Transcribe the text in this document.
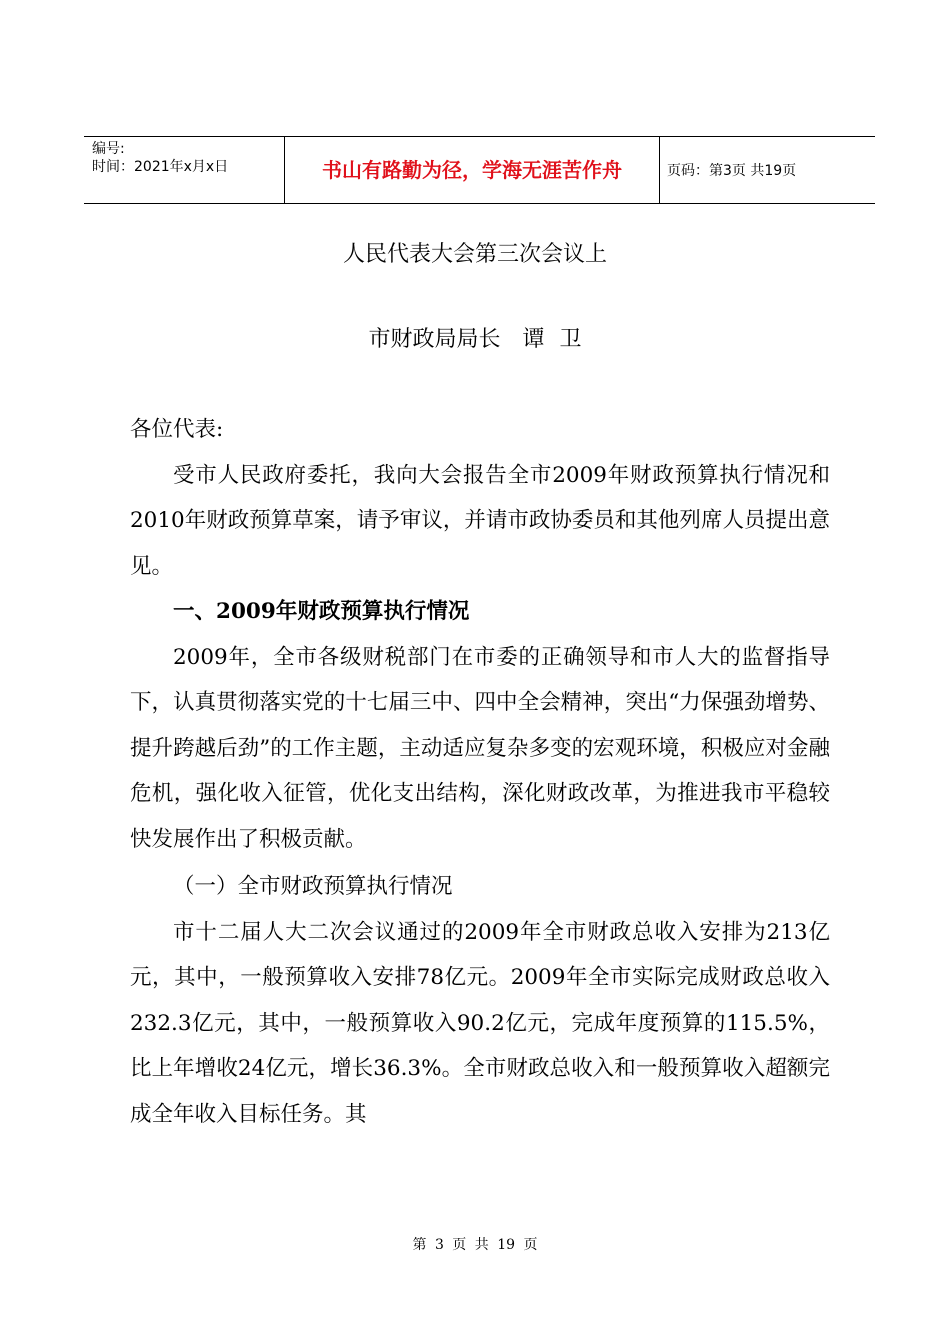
编号:
时间：2021年x月x日	书山有路勤为径，学海无涯苦作舟	页码：第3页 共19页
人民代表大会第三次会议上
市财政局局长　谭 卫

各位代表:

受市人民政府委托，我向大会报告全市2009年财政预算执行情况和2010年财政预算草案，请予审议，并请市政协委员和其他列席人员提出意见。

一、2009年财政预算执行情况

2009年，全市各级财税部门在市委的正确领导和市人大的监督指导下，认真贯彻落实党的十七届三中、四中全会精神，突出“力保强劲增势、提升跨越后劲”的工作主题，主动适应复杂多变的宏观环境，积极应对金融危机，强化收入征管，优化支出结构，深化财政改革，为推进我市平稳较快发展作出了积极贡献。

（一）全市财政预算执行情况

市十二届人大二次会议通过的2009年全市财政总收入安排为213亿元，其中，一般预算收入安排78亿元。2009年全市实际完成财政总收入232.3亿元，其中，一般预算收入90.2亿元，完成年度预算的115.5%，比上年增收24亿元，增长36.3%。全市财政总收入和一般预算收入超额完成全年收入目标任务。其

第 3 页 共 19 页
